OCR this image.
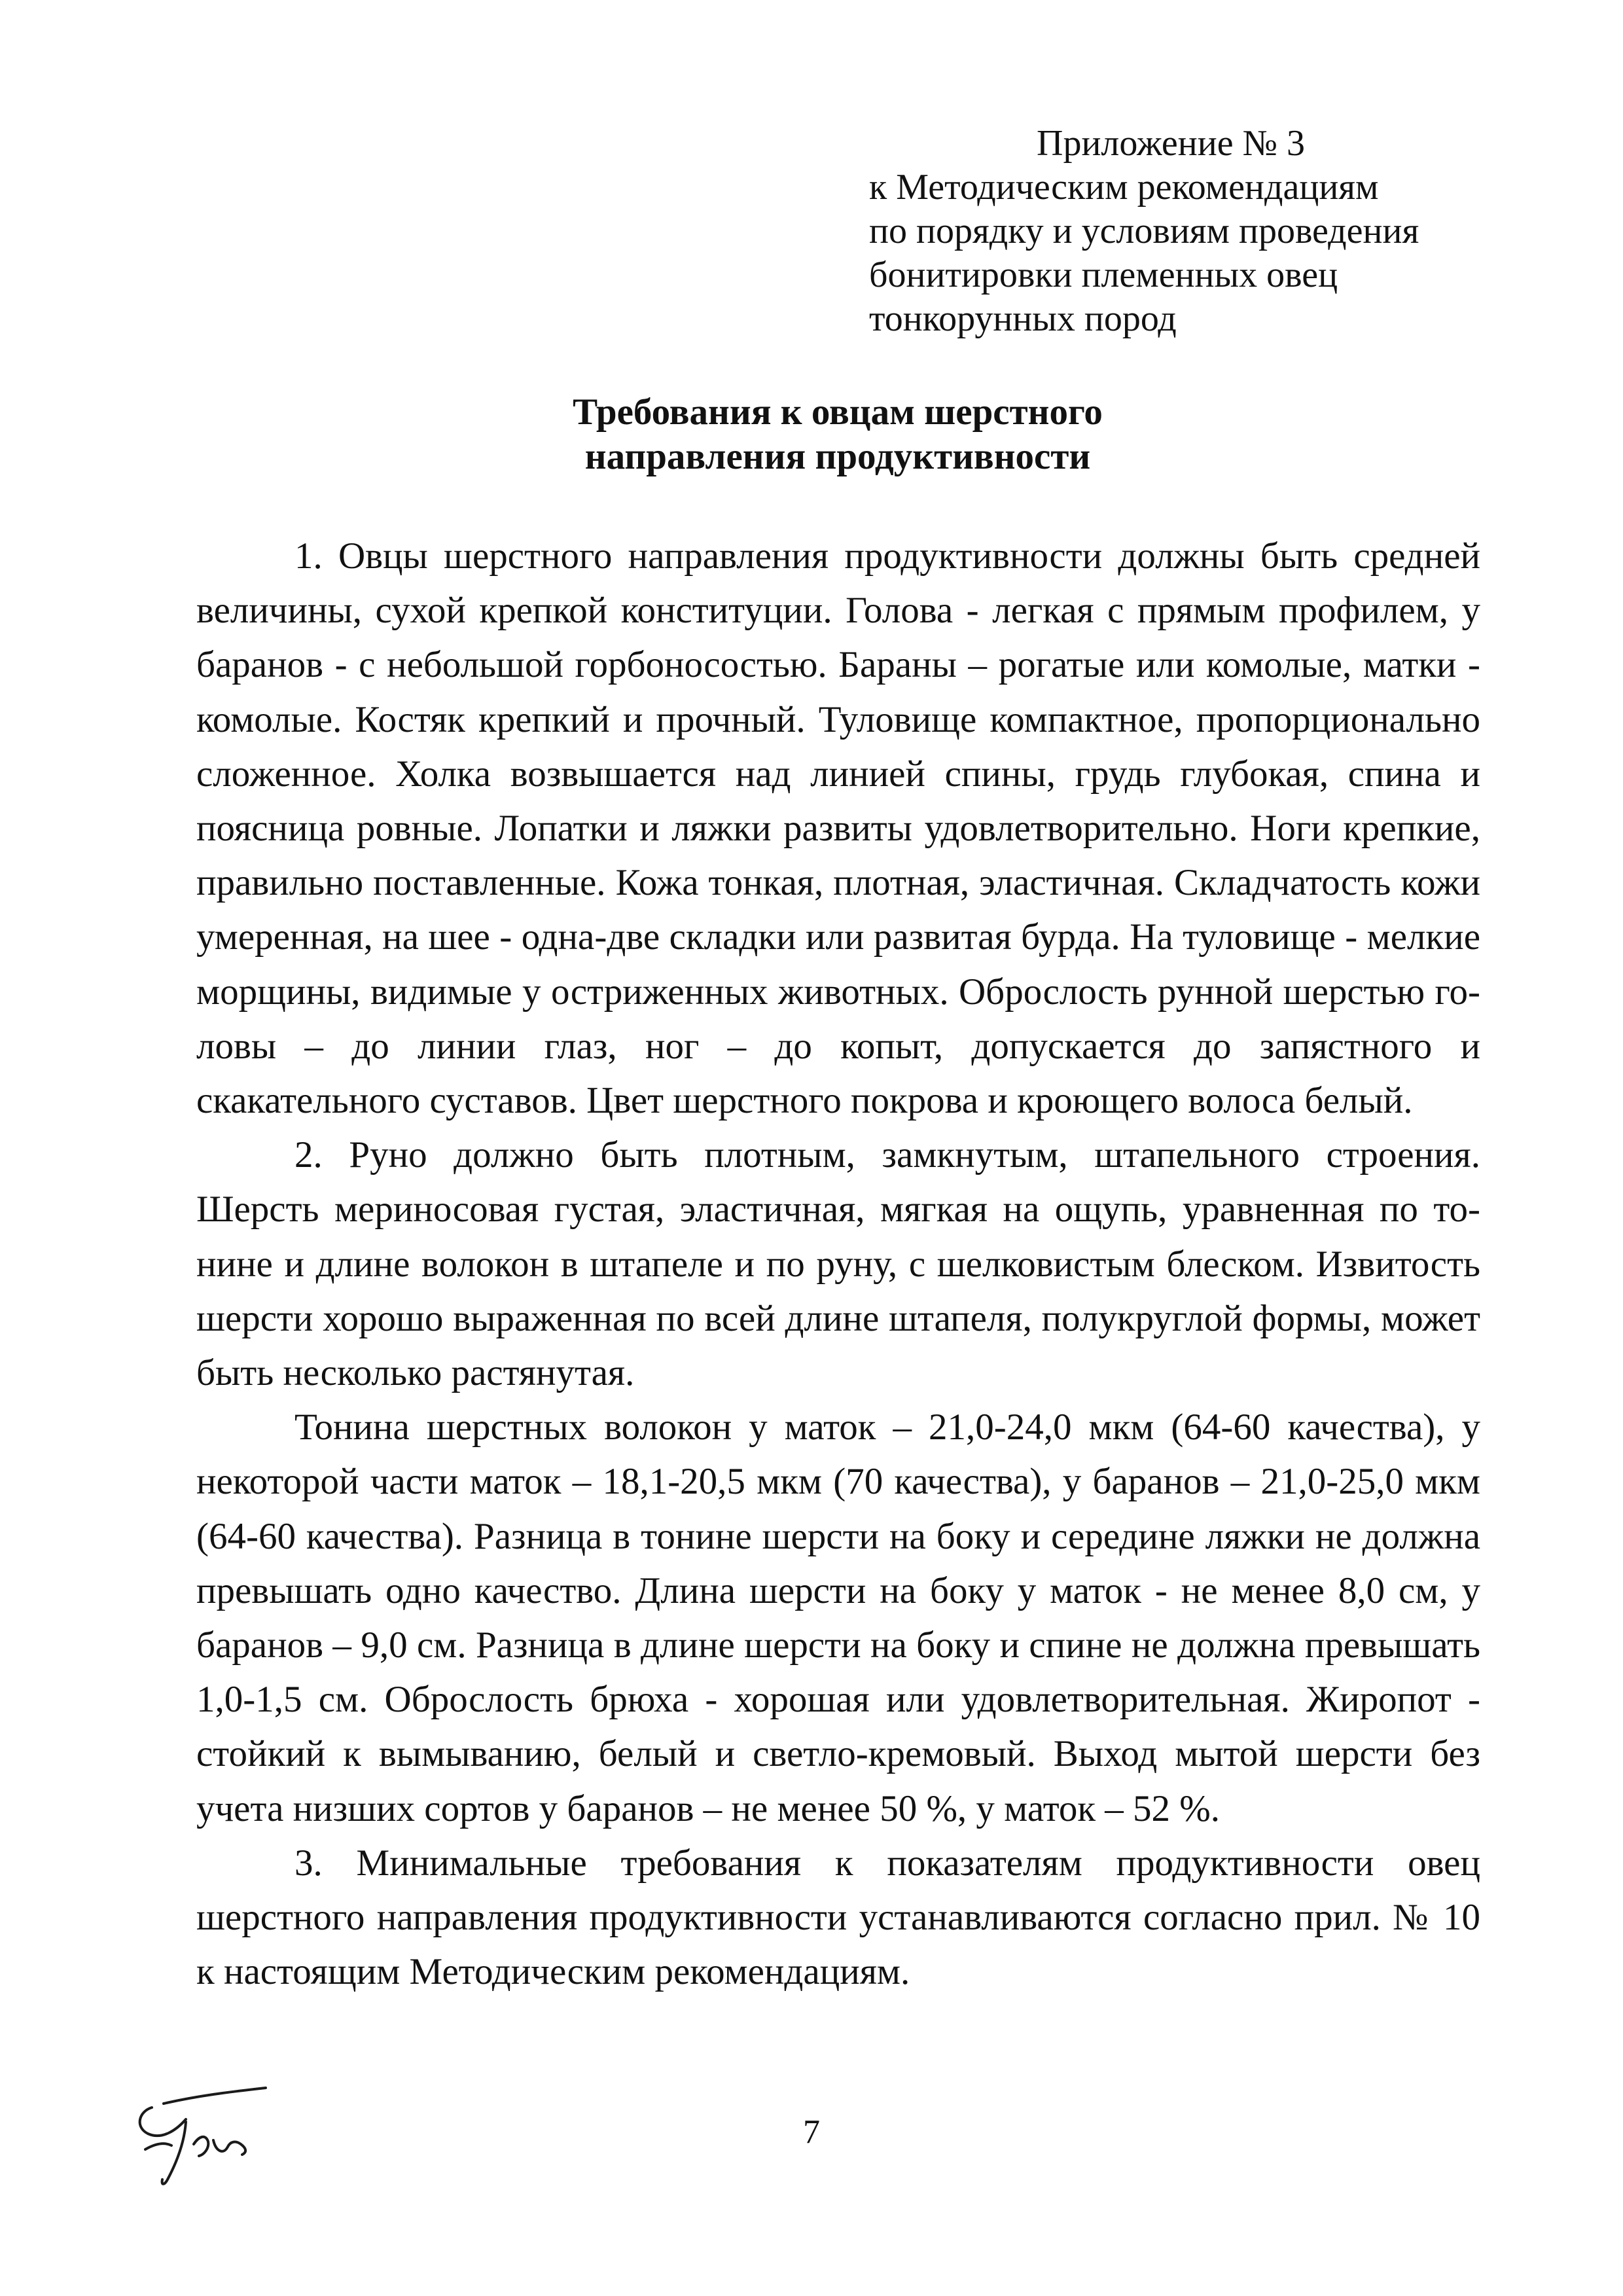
Приложение № 3
к Методическим рекомендациям
по порядку и условиям проведения
бонитировки племенных овец
тонкорунных пород
Требования к овцам шерстного
направления продуктивности

1. Овцы шерстного направления продуктивности должны быть средней величины, сухой крепкой конституции. Голова - легкая с прямым профилем, у баранов - с небольшой горбоносостью. Бараны – рогатые или комолые, матки - комолые. Костяк крепкий и прочный. Туловище компактное, пропорционально сложенное. Холка возвышается над линией спины, грудь глубокая, спина и поясница ровные. Лопатки и ляжки развиты удовлетворительно. Ноги крепкие, правильно поставленные. Кожа тонкая, плотная, эластичная. Складчатость кожи умеренная, на шее - одна-две складки или развитая бурда. На туловище - мелкие морщины, видимые у остриженных животных. Оброслость рунной шерстью головы – до линии глаз, ног – до копыт, допускается до запястного и скакательного суставов. Цвет шерстного покрова и кроющего волоса белый.

2. Руно должно быть плотным, замкнутым, штапельного строения. Шерсть мериносовая густая, эластичная, мягкая на ощупь, уравненная по тонине и длине волокон в штапеле и по руну, с шелковистым блеском. Извитость шерсти хорошо выраженная по всей длине штапеля, полукруглой формы, может быть несколько растянутая.

Тонина шерстных волокон у маток – 21,0-24,0 мкм (64-60 качества), у некоторой части маток – 18,1-20,5 мкм (70 качества), у баранов – 21,0-25,0 мкм (64-60 качества). Разница в тонине шерсти на боку и середине ляжки не должна превышать одно качество. Длина шерсти на боку у маток - не менее 8,0 см, у баранов – 9,0 см. Разница в длине шерсти на боку и спине не должна превышать 1,0-1,5 см. Оброслость брюха - хорошая или удовлетворительная. Жиропот - стойкий к вымыванию, белый и светло-кремовый. Выход мытой шерсти без учета низших сортов у баранов – не менее 50 %, у маток – 52 %.

3. Минимальные требования к показателям продуктивности овец шерстного направления продуктивности устанавливаются согласно прил. № 10 к настоящим Методическим рекомендациям.

7
